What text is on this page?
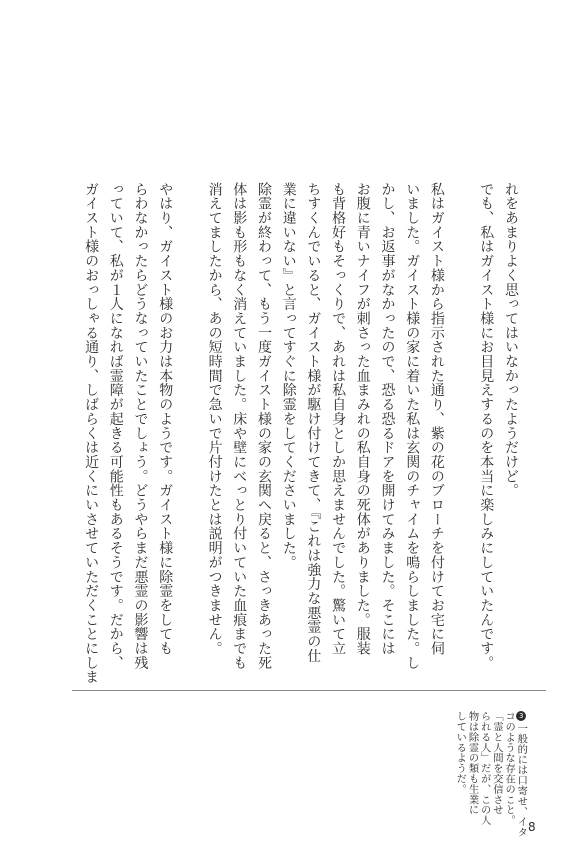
れをあまりよく思ってはいなかったようだけど。
でも、私はガイスト様にお目見えするのを本当に楽しみにしていたんです。
私はガイスト様から指示された通り、紫の花のブローチを付けてお宅に伺
いました。ガイスト様の家に着いた私は玄関のチャイムを鳴らしました。し
かし、お返事がなかったので、恐る恐るドアを開けてみました。そこには
お腹に青いナイフが刺さった血まみれの私自身の死体がありました。服装
も背格好もそっくりで、あれは私自身としか思えませんでした。驚いて立
ちすくんでいると、ガイスト様が駆け付けてきて、『これは強力な悪霊の仕
業に違いない』と言ってすぐに除霊をしてくださいました。
除霊が終わって、もう一度ガイスト様の家の玄関へ戻ると、さっきあった死
体は影も形もなく消えていました。床や壁にべっとり付いていた血痕までも
消えてましたから、あの短時間で急いで片付けたとは説明がつきません。
やはり、ガイスト様のお力は本物のようです。ガイスト様に除霊をしても
らわなかったらどうなっていたことでしょう。どうやらまだ悪霊の影響は残
っていて、私が１人になれば霊障が起きる可能性もあるそうです。だから、
ガイスト様のおっしゃる通り、しばらくは近くにいさせていただくことにしま
3一般的には口寄せ、イタ
コのような存在のこと。
「霊と人間を交信させ
られる人」だが、この人
物は除霊の類も生業に
しているようだ。
8
